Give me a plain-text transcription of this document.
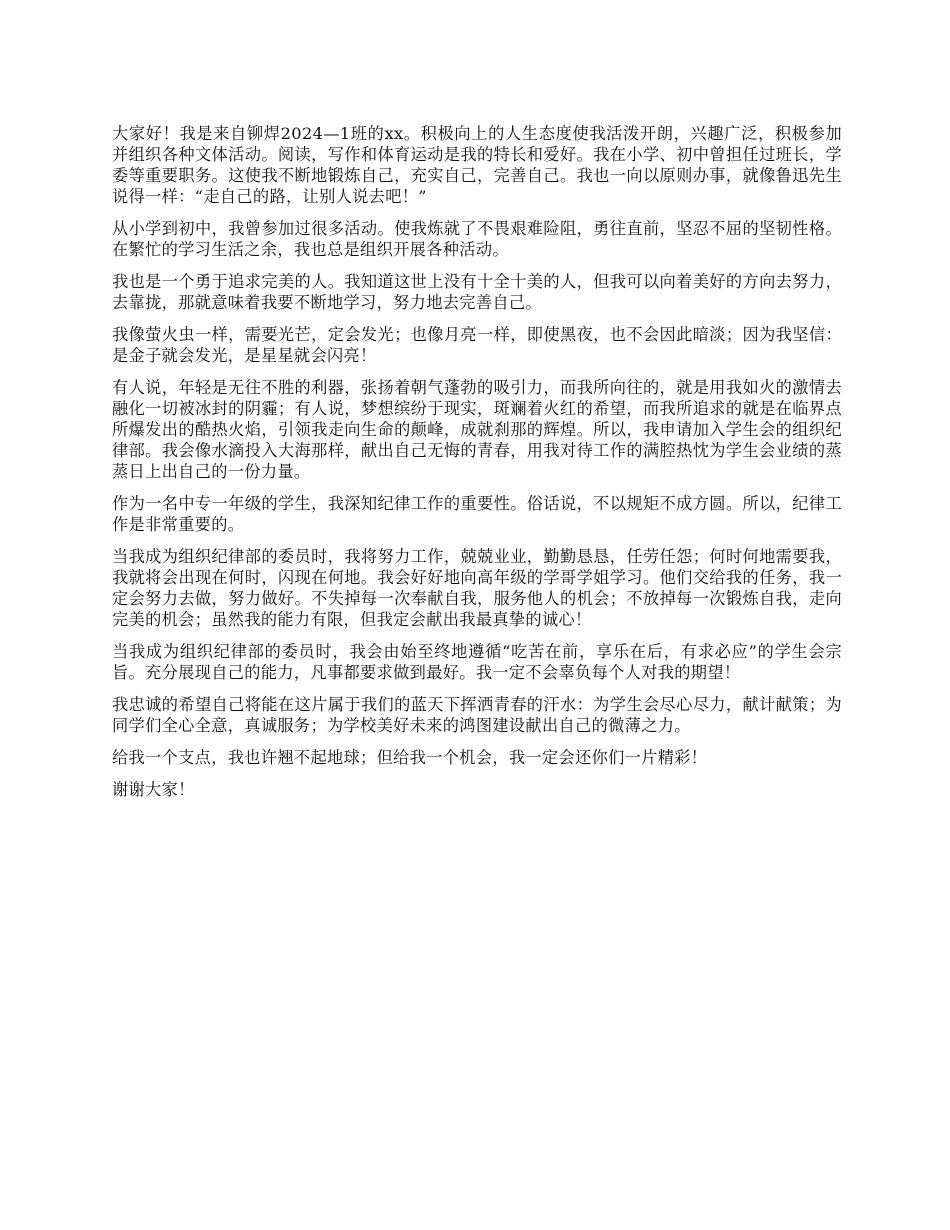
大家好！我是来自铆焊2024—1班的xx。积极向上的人生态度使我活泼开朗，兴趣广泛，积极参加并组织各种文体活动。阅读，写作和体育运动是我的特长和爱好。我在小学、初中曾担任过班长，学委等重要职务。这使我不断地锻炼自己，充实自己，完善自己。我也一向以原则办事，就像鲁迅先生说得一样：“走自己的路，让别人说去吧！”

从小学到初中，我曾参加过很多活动。使我炼就了不畏艰难险阻，勇往直前，坚忍不屈的坚韧性格。在繁忙的学习生活之余，我也总是组织开展各种活动。

我也是一个勇于追求完美的人。我知道这世上没有十全十美的人，但我可以向着美好的方向去努力，去靠拢，那就意味着我要不断地学习，努力地去完善自己。

我像萤火虫一样，需要光芒，定会发光；也像月亮一样，即使黑夜，也不会因此暗淡；因为我坚信：是金子就会发光，是星星就会闪亮！

有人说，年轻是无往不胜的利器，张扬着朝气蓬勃的吸引力，而我所向往的，就是用我如火的激情去融化一切被冰封的阴霾；有人说，梦想缤纷于现实，斑斓着火红的希望，而我所追求的就是在临界点所爆发出的酷热火焰，引领我走向生命的颠峰，成就刹那的辉煌。所以，我申请加入学生会的组织纪律部。我会像水滴投入大海那样，献出自己无悔的青春，用我对待工作的满腔热忱为学生会业绩的蒸蒸日上出自己的一份力量。

作为一名中专一年级的学生，我深知纪律工作的重要性。俗话说，不以规矩不成方圆。所以，纪律工作是非常重要的。

当我成为组织纪律部的委员时，我将努力工作，兢兢业业，勤勤恳恳，任劳任怨；何时何地需要我，我就将会出现在何时，闪现在何地。我会好好地向高年级的学哥学姐学习。他们交给我的任务，我一定会努力去做，努力做好。不失掉每一次奉献自我，服务他人的机会；不放掉每一次锻炼自我，走向完美的机会；虽然我的能力有限，但我定会献出我最真挚的诚心！

当我成为组织纪律部的委员时，我会由始至终地遵循“吃苦在前，享乐在后，有求必应”的学生会宗旨。充分展现自己的能力，凡事都要求做到最好。我一定不会辜负每个人对我的期望！

我忠诚的希望自己将能在这片属于我们的蓝天下挥洒青春的汗水：为学生会尽心尽力，献计献策；为同学们全心全意，真诚服务；为学校美好未来的鸿图建设献出自己的微薄之力。

给我一个支点，我也许翘不起地球；但给我一个机会，我一定会还你们一片精彩！

谢谢大家！
